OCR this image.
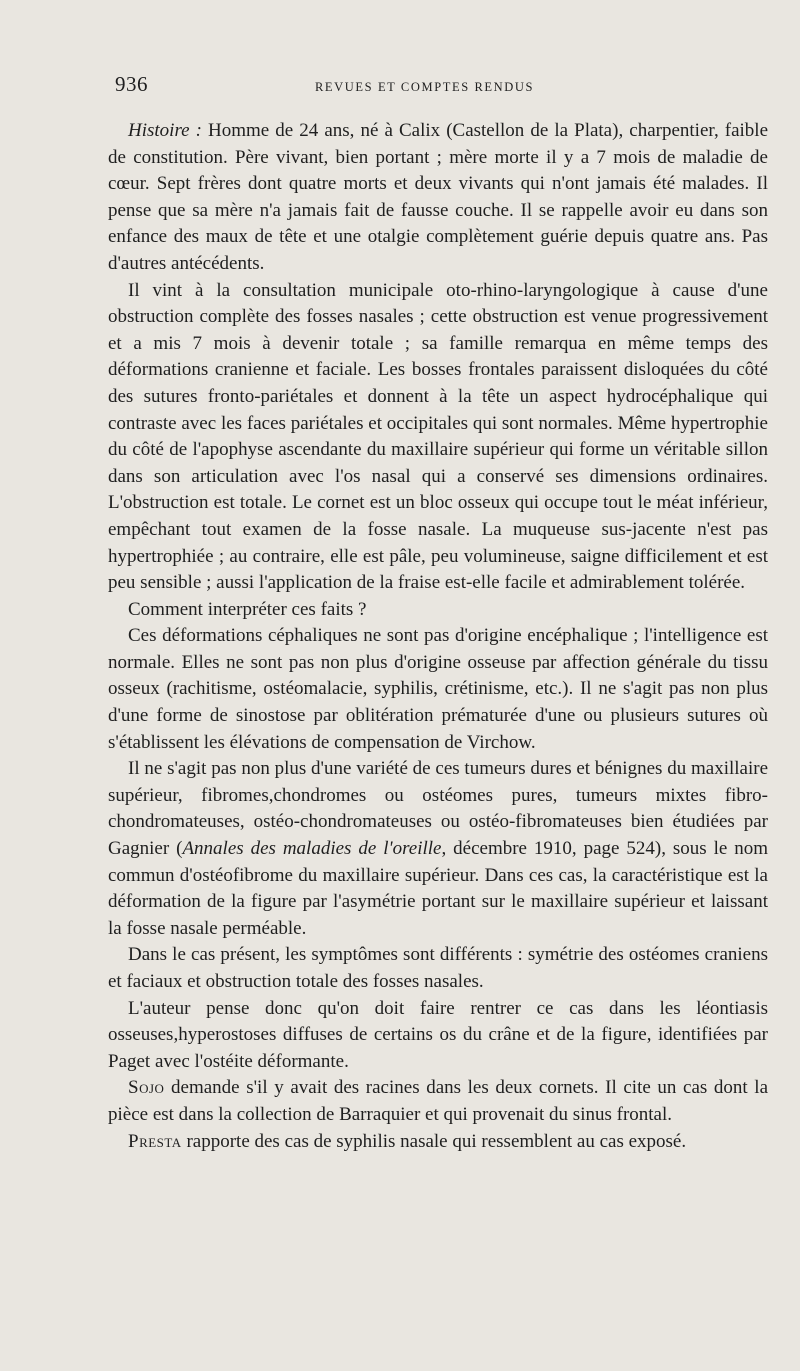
936	REVUES ET COMPTES RENDUS

Histoire : Homme de 24 ans, né à Calix (Castellon de la Plata), charpentier, faible de constitution. Père vivant, bien portant ; mère morte il y a 7 mois de maladie de cœur. Sept frères dont quatre morts et deux vivants qui n'ont jamais été malades. Il pense que sa mère n'a jamais fait de fausse couche. Il se rappelle avoir eu dans son enfance des maux de tête et une otalgie complètement guérie depuis quatre ans. Pas d'autres antécédents.

Il vint à la consultation municipale oto-rhino-laryngologique à cause d'une obstruction complète des fosses nasales ; cette obstruction est venue progressivement et a mis 7 mois à devenir totale ; sa famille remarqua en même temps des déformations cranienne et faciale. Les bosses frontales paraissent disloquées du côté des sutures fronto-pariétales et donnent à la tête un aspect hydrocéphalique qui contraste avec les faces pariétales et occipitales qui sont normales. Même hypertrophie du côté de l'apophyse ascendante du maxillaire supérieur qui forme un véritable sillon dans son articulation avec l'os nasal qui a conservé ses dimensions ordinaires. L'obstruction est totale. Le cornet est un bloc osseux qui occupe tout le méat inférieur, empêchant tout examen de la fosse nasale. La muqueuse sus-jacente n'est pas hypertrophiée ; au contraire, elle est pâle, peu volumineuse, saigne difficilement et est peu sensible ; aussi l'application de la fraise est-elle facile et admirablement tolérée.

Comment interpréter ces faits ?

Ces déformations céphaliques ne sont pas d'origine encéphalique ; l'intelligence est normale. Elles ne sont pas non plus d'origine osseuse par affection générale du tissu osseux (rachitisme, ostéomalacie, syphilis, crétinisme, etc.). Il ne s'agit pas non plus d'une forme de sinostose par oblitération prématurée d'une ou plusieurs sutures où s'établissent les élévations de compensation de Virchow.

Il ne s'agit pas non plus d'une variété de ces tumeurs dures et bénignes du maxillaire supérieur, fibromes,chondromes ou ostéomes pures, tumeurs mixtes fibro-chondromateuses, ostéo-chondromateuses ou ostéo-fibromateuses bien étudiées par Gagnier (Annales des maladies de l'oreille, décembre 1910, page 524), sous le nom commun d'ostéofibrome du maxillaire supérieur. Dans ces cas, la caractéristique est la déformation de la figure par l'asymétrie portant sur le maxillaire supérieur et laissant la fosse nasale perméable.

Dans le cas présent, les symptômes sont différents : symétrie des ostéomes craniens et faciaux et obstruction totale des fosses nasales.

L'auteur pense donc qu'on doit faire rentrer ce cas dans les léontiasis osseuses,hyperostoses diffuses de certains os du crâne et de la figure, identifiées par Paget avec l'ostéite déformante.

Sojo demande s'il y avait des racines dans les deux cornets. Il cite un cas dont la pièce est dans la collection de Barraquier et qui provenait du sinus frontal.

Presta rapporte des cas de syphilis nasale qui ressemblent au cas exposé.
